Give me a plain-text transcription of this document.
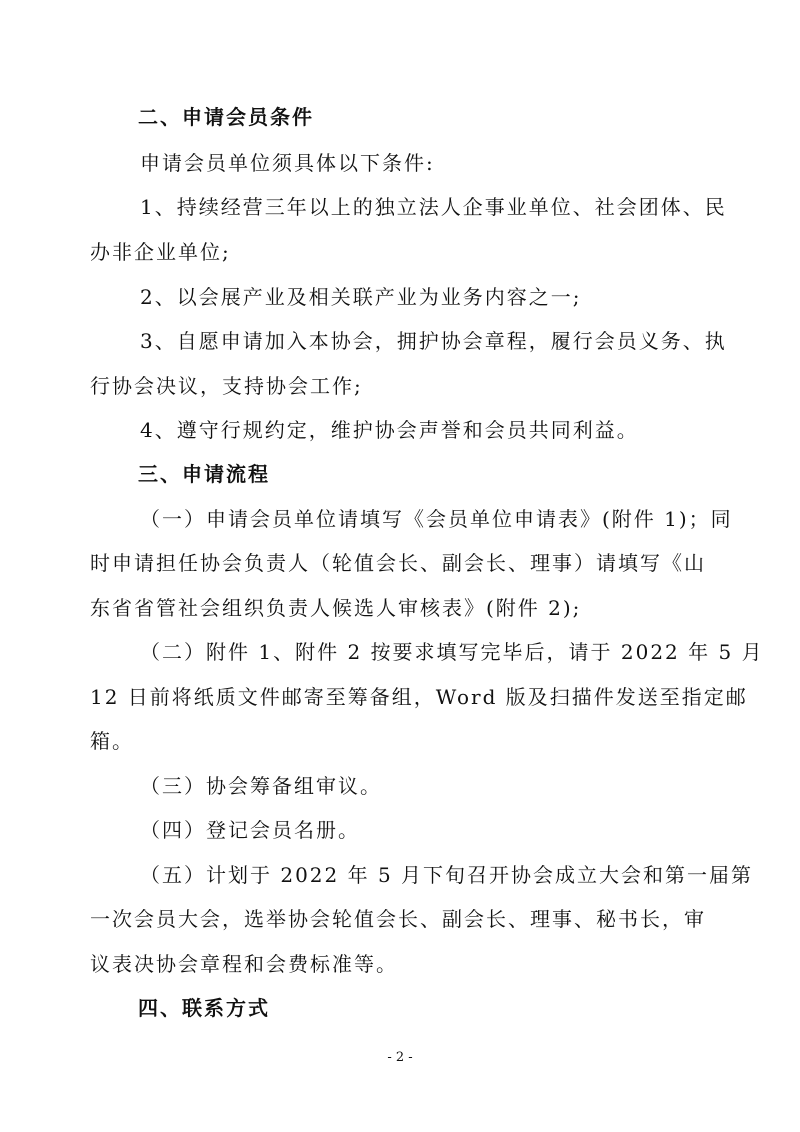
二、申请会员条件
申请会员单位须具体以下条件:
1、持续经营三年以上的独立法人企事业单位、社会团体、民
办非企业单位;
2、以会展产业及相关联产业为业务内容之一;
3、自愿申请加入本协会，拥护协会章程，履行会员义务、执
行协会决议，支持协会工作;
4、遵守行规约定，维护协会声誉和会员共同利益。
三、申请流程
（一）申请会员单位请填写《会员单位申请表》(附件 1)；同
时申请担任协会负责人（轮值会长、副会长、理事）请填写《山
东省省管社会组织负责人候选人审核表》(附件 2);
（二）附件 1、附件 2 按要求填写完毕后，请于 2022 年 5 月
12 日前将纸质文件邮寄至筹备组，Word 版及扫描件发送至指定邮
箱。
（三）协会筹备组审议。
（四）登记会员名册。
（五）计划于 2022 年 5 月下旬召开协会成立大会和第一届第
一次会员大会，选举协会轮值会长、副会长、理事、秘书长，审
议表决协会章程和会费标准等。
四、联系方式
- 2 -
